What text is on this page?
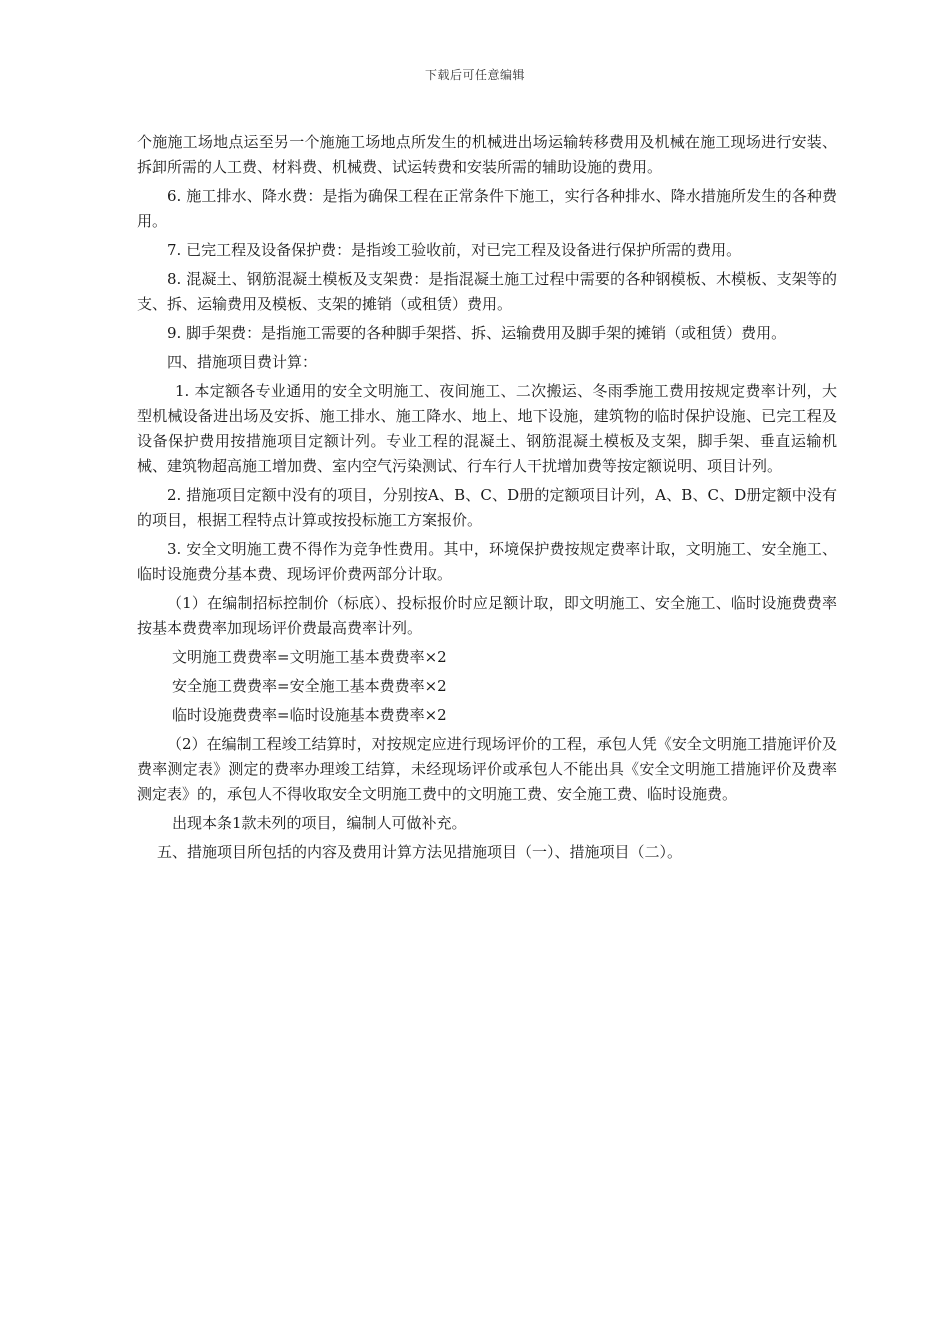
下载后可任意编辑

个施施工场地点运至另一个施施工场地点所发生的机械进出场运输转移费用及机械在施工现场进行安装、拆卸所需的人工费、材料费、机械费、试运转费和安装所需的辅助设施的费用。

6. 施工排水、降水费：是指为确保工程在正常条件下施工，实行各种排水、降水措施所发生的各种费用。

7. 已完工程及设备保护费：是指竣工验收前，对已完工程及设备进行保护所需的费用。

8. 混凝土、钢筋混凝土模板及支架费：是指混凝土施工过程中需要的各种钢模板、木模板、支架等的支、拆、运输费用及模板、支架的摊销（或租赁）费用。

9. 脚手架费：是指施工需要的各种脚手架搭、拆、运输费用及脚手架的摊销（或租赁）费用。

四、措施项目费计算：

1. 本定额各专业通用的安全文明施工、夜间施工、二次搬运、冬雨季施工费用按规定费率计列，大型机械设备进出场及安拆、施工排水、施工降水、地上、地下设施，建筑物的临时保护设施、已完工程及设备保护费用按措施项目定额计列。专业工程的混凝土、钢筋混凝土模板及支架，脚手架、垂直运输机械、建筑物超高施工增加费、室内空气污染测试、行车行人干扰增加费等按定额说明、项目计列。

2. 措施项目定额中没有的项目，分别按A、B、C、D册的定额项目计列，A、B、C、D册定额中没有的项目，根据工程特点计算或按投标施工方案报价。

3. 安全文明施工费不得作为竞争性费用。其中，环境保护费按规定费率计取，文明施工、安全施工、临时设施费分基本费、现场评价费两部分计取。

（1）在编制招标控制价（标底）、投标报价时应足额计取，即文明施工、安全施工、临时设施费费率按基本费费率加现场评价费最高费率计列。

文明施工费费率=文明施工基本费费率×2

安全施工费费率=安全施工基本费费率×2

临时设施费费率=临时设施基本费费率×2

（2）在编制工程竣工结算时，对按规定应进行现场评价的工程，承包人凭《安全文明施工措施评价及费率测定表》测定的费率办理竣工结算，未经现场评价或承包人不能出具《安全文明施工措施评价及费率测定表》的，承包人不得收取安全文明施工费中的文明施工费、安全施工费、临时设施费。

出现本条1款未列的项目，编制人可做补充。

五、措施项目所包括的内容及费用计算方法见措施项目（一）、措施项目（二）。
